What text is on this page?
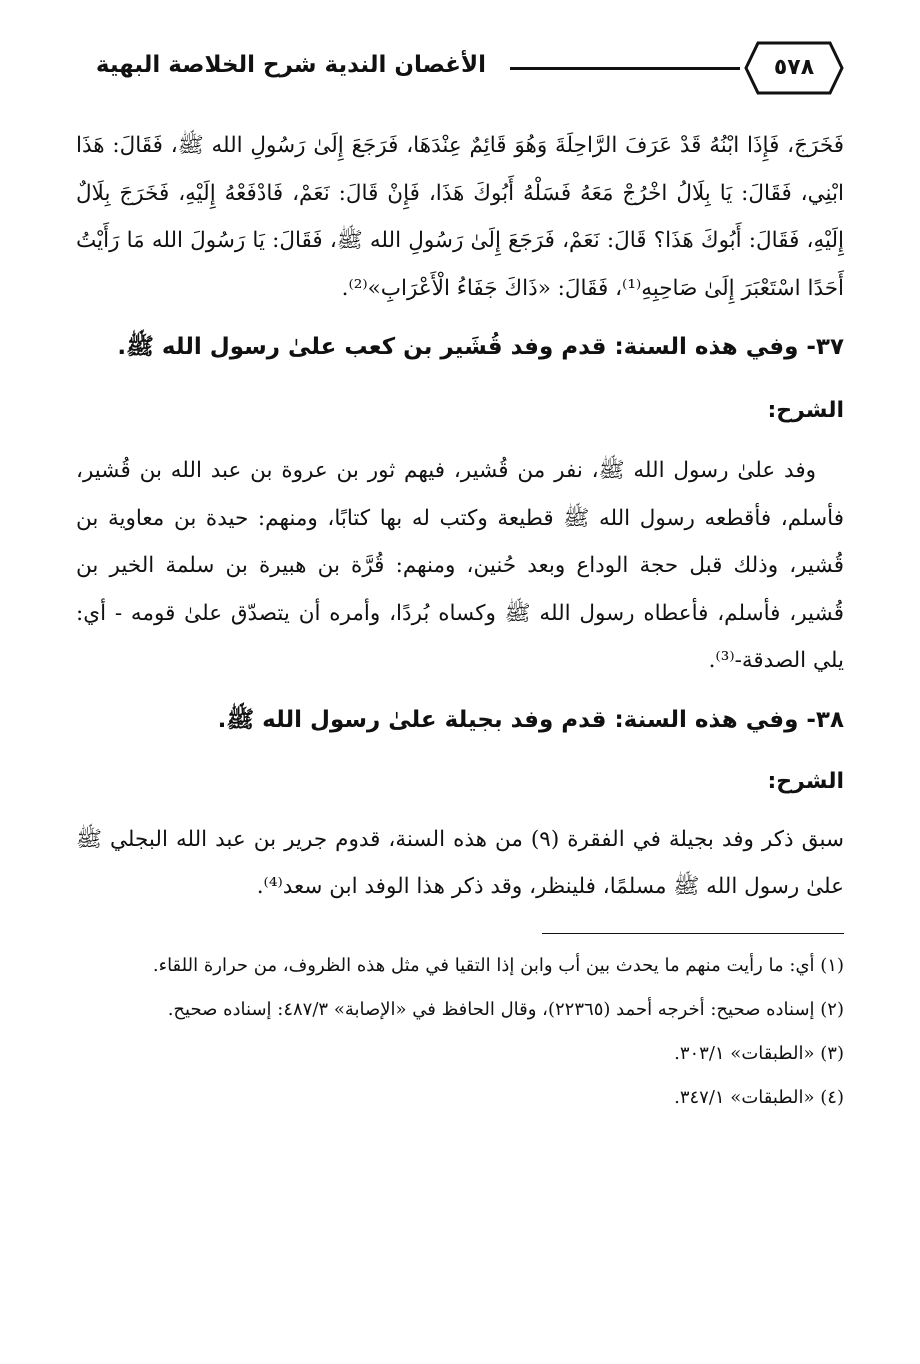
٥٧٨
الأغصان الندية شرح الخلاصة البهية

فَخَرَجَ، فَإِذَا ابْنُهُ قَدْ عَرَفَ الرَّاحِلَةَ وَهُوَ قَائِمٌ عِنْدَهَا، فَرَجَعَ إِلَىٰ رَسُولِ الله ﷺ، فَقَالَ: هَذَا ابْنِي، فَقَالَ: يَا بِلَالُ اخْرُجْ مَعَهُ فَسَلْهُ أَبُوكَ هَذَا، فَإِنْ قَالَ: نَعَمْ، فَادْفَعْهُ إِلَيْهِ، فَخَرَجَ بِلَالٌ إِلَيْهِ، فَقَالَ: أَبُوكَ هَذَا؟ قَالَ: نَعَمْ، فَرَجَعَ إِلَىٰ رَسُولِ الله ﷺ، فَقَالَ: يَا رَسُولَ الله مَا رَأَيْتُ أَحَدًا اسْتَعْبَرَ إِلَىٰ صَاحِبِهِ⁽¹⁾، فَقَالَ: «ذَاكَ جَفَاءُ الْأَعْرَابِ»⁽²⁾.

٣٧- وفي هذه السنة: قدم وفد قُشَير بن كعب علىٰ رسول الله ﷺ.

الشرح:

وفد علىٰ رسول الله ﷺ، نفر من قُشير، فيهم ثور بن عروة بن عبد الله بن قُشير، فأسلم، فأقطعه رسول الله ﷺ قطيعة وكتب له بها كتابًا، ومنهم: حيدة بن معاوية بن قُشير، وذلك قبل حجة الوداع وبعد حُنين، ومنهم: قُرَّة بن هبيرة بن سلمة الخير بن قُشير، فأسلم، فأعطاه رسول الله ﷺ وكساه بُردًا، وأمره أن يتصدّق علىٰ قومه - أي: يلي الصدقة-⁽³⁾.

٣٨- وفي هذه السنة: قدم وفد بجيلة علىٰ رسول الله ﷺ.

الشرح:

سبق ذكر وفد بجيلة في الفقرة (٩) من هذه السنة، قدوم جرير بن عبد الله البجلي ﷺ علىٰ رسول الله ﷺ مسلمًا، فلينظر، وقد ذكر هذا الوفد ابن سعد⁽⁴⁾.

(١) أي: ما رأيت منهم ما يحدث بين أب وابن إذا التقيا في مثل هذه الظروف، من حرارة اللقاء.

(٢) إسناده صحيح: أخرجه أحمد (٢٢٣٦٥)، وقال الحافظ في «الإصابة» ٤٨٧/٣: إسناده صحيح.

(٣) «الطبقات» ٣٠٣/١.

(٤) «الطبقات» ٣٤٧/١.
